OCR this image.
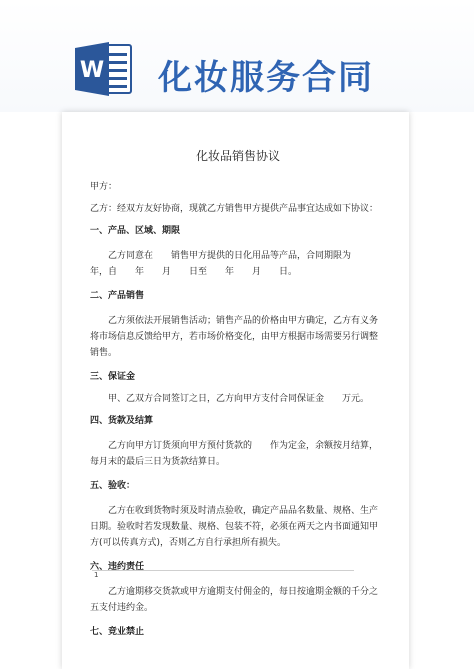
W 化妆服务合同
化妆品销售协议
甲方：
乙方：经双方友好协商，现就乙方销售甲方提供产品事宜达成如下协议：
一、产品、区域、期限
乙方同意在　　销售甲方提供的日化用品等产品，合同期限为　　年，自　　年　　月　　日至　　年　　月　　日。
二、产品销售
乙方须依法开展销售活动；销售产品的价格由甲方确定，乙方有义务将市场信息反馈给甲方，若市场价格变化，由甲方根据市场需要另行调整销售。
三、保证金
甲、乙双方合同签订之日，乙方向甲方支付合同保证金　　万元。
四、货款及结算
乙方向甲方订货须向甲方预付货款的　　作为定金，余额按月结算，每月末的最后三日为货款结算日。
五、验收：
乙方在收到货物时须及时清点验收，确定产品品名数量、规格、生产日期。验收时若发现数量、规格、包装不符，必须在两天之内书面通知甲方(可以传真方式)，否则乙方自行承担所有损失。
六、违约责任
乙方逾期移交货款或甲方逾期支付佣金的，每日按逾期金额的千分之五支付违约金。
七、竞业禁止
1
